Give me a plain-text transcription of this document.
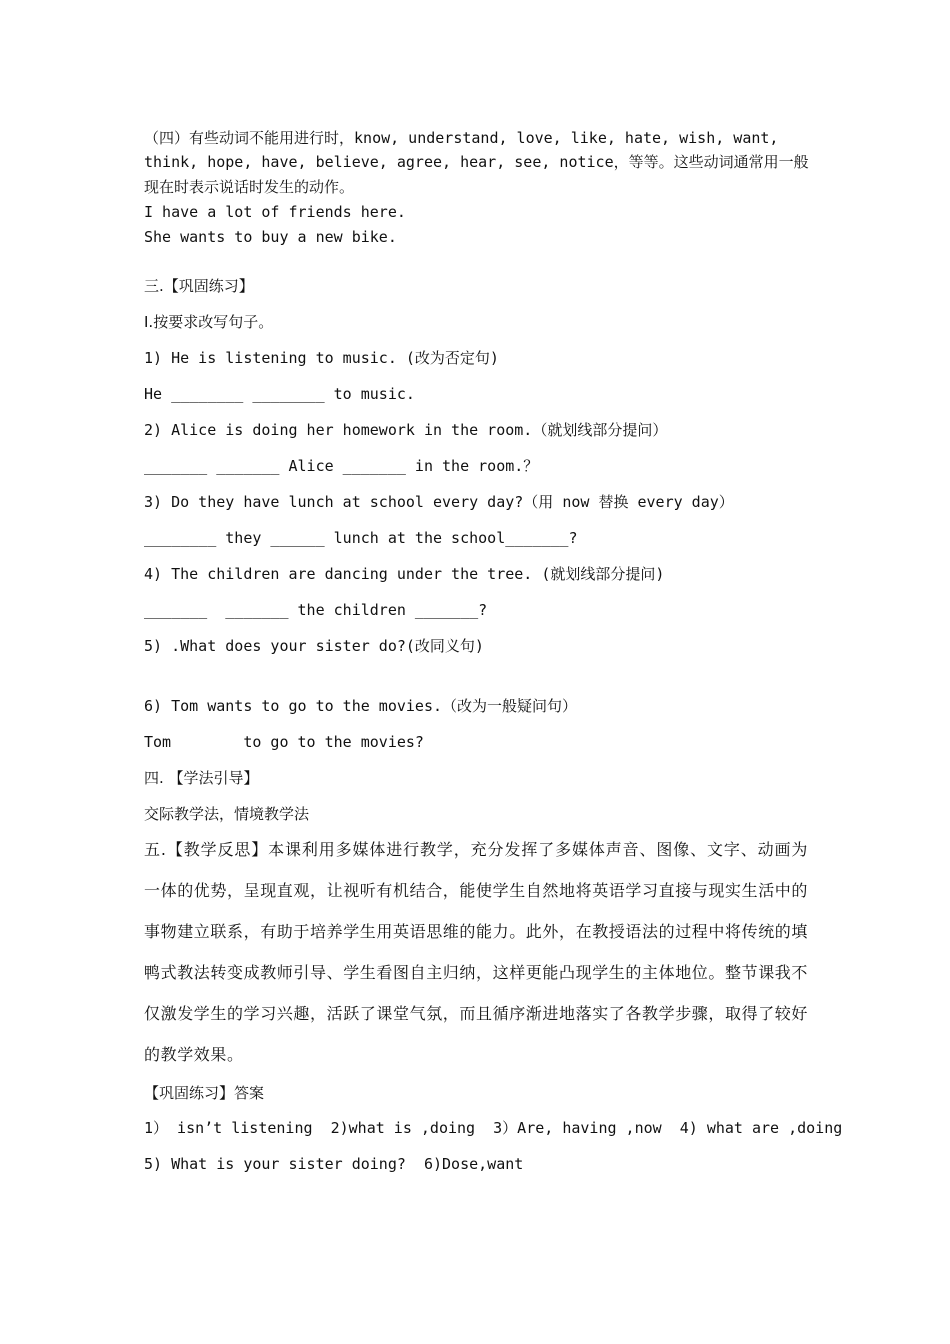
（四）有些动词不能用进行时，know, understand, love, like, hate, wish, want,
think, hope, have, believe, agree, hear, see, notice，等等。这些动词通常用一般
现在时表示说话时发生的动作。
I have a lot of friends here.
She wants to buy a new bike.
三.【巩固练习】
I.按要求改写句子。
1) He is listening to music. (改为否定句)
He ________ ________ to music.
2) Alice is doing her homework in the room.（就划线部分提问）
_______ _______ Alice _______ in the room.？
3) Do they have lunch at school every day?（用 now 替换 every day）
________ they ______ lunch at the school_______?
4) The children are dancing under the tree. (就划线部分提问)
_______  _______ the children _______?
5) .What does your sister do?(改同义句)
6) Tom wants to go to the movies.（改为一般疑问句）
Tom        to go to the movies?
四. 【学法引导】
交际教学法，情境教学法
五.【教学反思】本课利用多媒体进行教学，充分发挥了多媒体声音、图像、文字、动画为一体的优势，呈现直观，让视听有机结合，能使学生自然地将英语学习直接与现实生活中的事物建立联系，有助于培养学生用英语思维的能力。此外，在教授语法的过程中将传统的填鸭式教法转变成教师引导、学生看图自主归纳，这样更能凸现学生的主体地位。整节课我不仅激发学生的学习兴趣，活跃了课堂气氛，而且循序渐进地落实了各教学步骤，取得了较好的教学效果。
【巩固练习】答案
1） isn’t listening  2)what is ,doing  3）Are, having ,now  4) what are ,doing
5) What is your sister doing?  6)Dose,want
